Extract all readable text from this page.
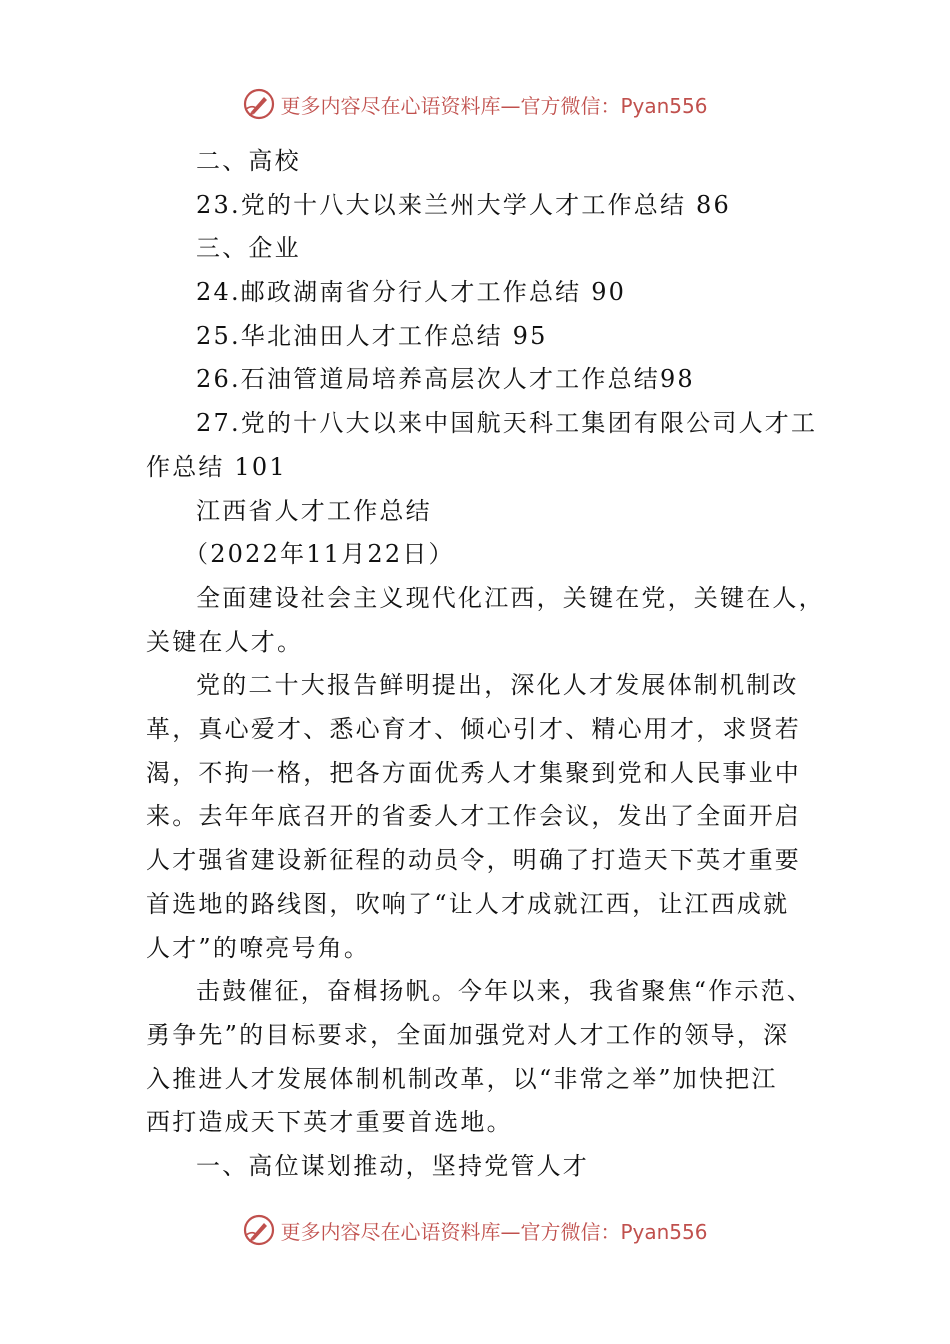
更多内容尽在心语资料库—官方微信：Pyan556
二、高校
23.党的十八大以来兰州大学人才工作总结 86
三、企业
24.邮政湖南省分行人才工作总结 90
25.华北油田人才工作总结 95
26.石油管道局培养高层次人才工作总结98
27.党的十八大以来中国航天科工集团有限公司人才工
作总结 101
江西省人才工作总结
（2022年11月22日）
全面建设社会主义现代化江西，关键在党，关键在人，
关键在人才。
党的二十大报告鲜明提出，深化人才发展体制机制改
革，真心爱才、悉心育才、倾心引才、精心用才，求贤若
渴，不拘一格，把各方面优秀人才集聚到党和人民事业中
来。去年年底召开的省委人才工作会议，发出了全面开启
人才强省建设新征程的动员令，明确了打造天下英才重要
首选地的路线图，吹响了“让人才成就江西，让江西成就
人才”的嘹亮号角。
击鼓催征，奋楫扬帆。今年以来，我省聚焦“作示范、
勇争先”的目标要求，全面加强党对人才工作的领导，深
入推进人才发展体制机制改革，以“非常之举”加快把江
西打造成天下英才重要首选地。
一、高位谋划推动，坚持党管人才
更多内容尽在心语资料库—官方微信：Pyan556
